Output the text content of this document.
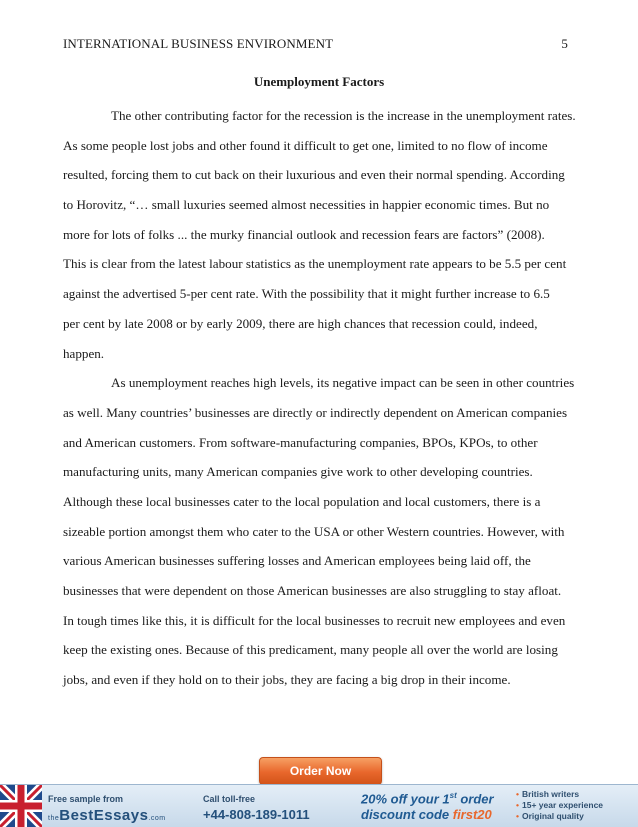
INTERNATIONAL BUSINESS ENVIRONMENT	5
Unemployment Factors
The other contributing factor for the recession is the increase in the unemployment rates.
As some people lost jobs and other found it difficult to get one, limited to no flow of income
resulted, forcing them to cut back on their luxurious and even their normal spending. According
to Horovitz, “… small luxuries seemed almost necessities in happier economic times. But no
more for lots of folks ... the murky financial outlook and recession fears are factors” (2008).
This is clear from the latest labour statistics as the unemployment rate appears to be 5.5 per cent
against the advertised 5-per cent rate. With the possibility that it might further increase to 6.5
per cent by late 2008 or by early 2009, there are high chances that recession could, indeed,
happen.
As unemployment reaches high levels, its negative impact can be seen in other countries
as well. Many countries’ businesses are directly or indirectly dependent on American companies
and American customers. From software-manufacturing companies, BPOs, KPOs, to other
manufacturing units, many American companies give work to other developing countries.
Although these local businesses cater to the local population and local customers, there is a
sizeable portion amongst them who cater to the USA or other Western countries. However, with
various American businesses suffering losses and American employees being laid off, the
businesses that were dependent on those American businesses are also struggling to stay afloat.
In tough times like this, it is difficult for the local businesses to recruit new employees and even
keep the existing ones. Because of this predicament, many people all over the world are losing
jobs, and even if they hold on to their jobs, they are facing a big drop in their income.
Order Now
Free sample from
theBestEssays.com
Call toll-free
+44-808-189-1011
20% off your 1st order
discount code first20
• British writers
• 15+ year experience
• Original quality
